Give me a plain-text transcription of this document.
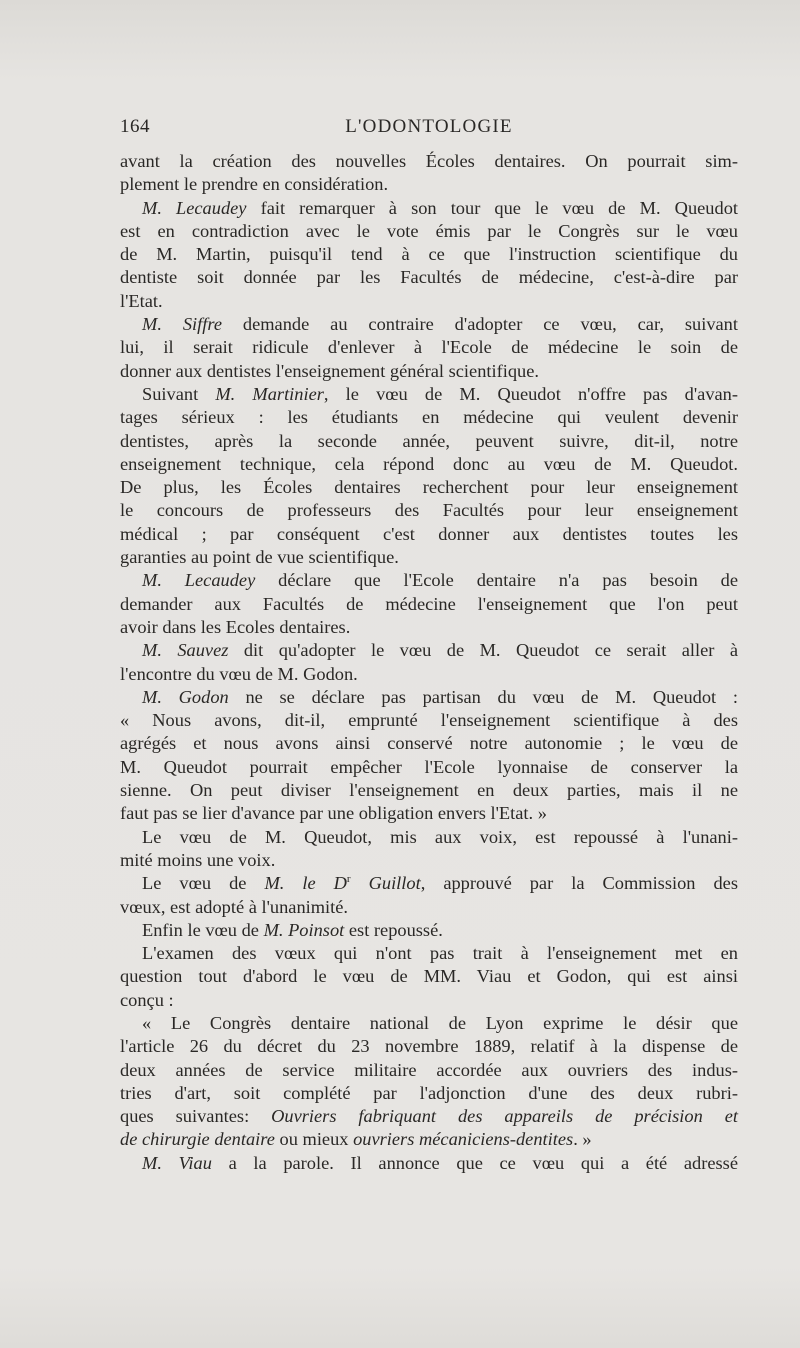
164	L'ODONTOLOGIE
avant la création des nouvelles Écoles dentaires. On pourrait sim-
plement le prendre en considération.
M. Lecaudey fait remarquer à son tour que le vœu de M. Queudot
est en contradiction avec le vote émis par le Congrès sur le vœu
de M. Martin, puisqu'il tend à ce que l'instruction scientifique du
dentiste soit donnée par les Facultés de médecine, c'est-à-dire par
l'Etat.
M. Siffre demande au contraire d'adopter ce vœu, car, suivant
lui, il serait ridicule d'enlever à l'Ecole de médecine le soin de
donner aux dentistes l'enseignement général scientifique.
Suivant M. Martinier, le vœu de M. Queudot n'offre pas d'avan-
tages sérieux : les étudiants en médecine qui veulent devenir
dentistes, après la seconde année, peuvent suivre, dit-il, notre
enseignement technique, cela répond donc au vœu de M. Queudot.
De plus, les Écoles dentaires recherchent pour leur enseignement
le concours de professeurs des Facultés pour leur enseignement
médical ; par conséquent c'est donner aux dentistes toutes les
garanties au point de vue scientifique.
M. Lecaudey déclare que l'Ecole dentaire n'a pas besoin de
demander aux Facultés de médecine l'enseignement que l'on peut
avoir dans les Ecoles dentaires.
M. Sauvez dit qu'adopter le vœu de M. Queudot ce serait aller à
l'encontre du vœu de M. Godon.
M. Godon ne se déclare pas partisan du vœu de M. Queudot :
« Nous avons, dit-il, emprunté l'enseignement scientifique à des
agrégés et nous avons ainsi conservé notre autonomie ; le vœu de
M. Queudot pourrait empêcher l'Ecole lyonnaise de conserver la
sienne. On peut diviser l'enseignement en deux parties, mais il ne
faut pas se lier d'avance par une obligation envers l'Etat. »
Le vœu de M. Queudot, mis aux voix, est repoussé à l'unani-
mité moins une voix.
Le vœu de M. le $D^r$ Guillot, approuvé par la Commission des
vœux, est adopté à l'unanimité.
Enfin le vœu de M. Poinsot est repoussé.
L'examen des vœux qui n'ont pas trait à l'enseignement met en
question tout d'abord le vœu de MM. Viau et Godon, qui est ainsi
conçu :
« Le Congrès dentaire national de Lyon exprime le désir que
l'article 26 du décret du 23 novembre 1889, relatif à la dispense de
deux années de service militaire accordée aux ouvriers des indus-
tries d'art, soit complété par l'adjonction d'une des deux rubri-
ques suivantes: Ouvriers fabriquant des appareils de précision et
de chirurgie dentaire ou mieux ouvriers mécaniciens-dentites. »
M. Viau a la parole. Il annonce que ce vœu qui a été adressé
